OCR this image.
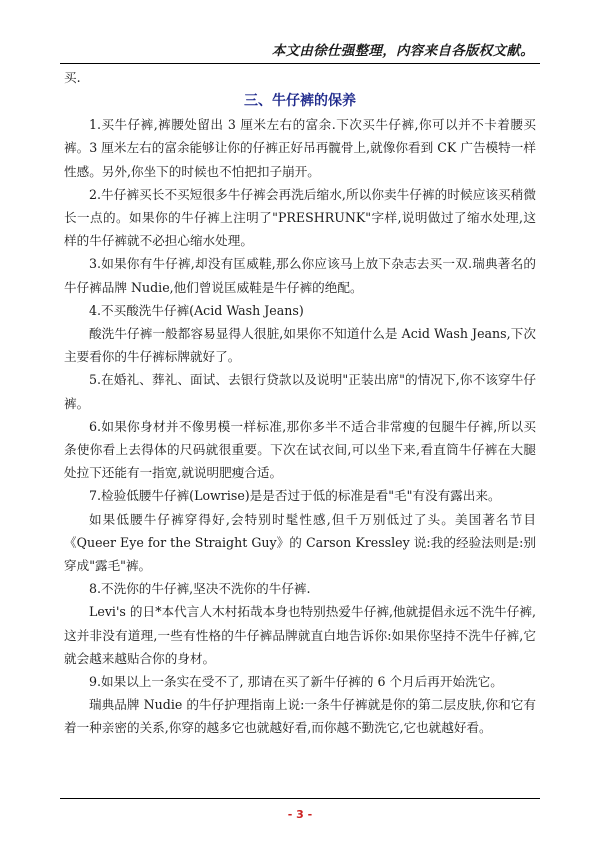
本文由徐仕强整理，内容来自各版权文献。

买.

三、牛仔裤的保养

1.买牛仔裤,裤腰处留出 3 厘米左右的富余.下次买牛仔裤,你可以并不卡着腰买裤。3 厘米左右的富余能够让你的仔裤正好吊再髋骨上,就像你看到 CK 广告模特一样性感。另外,你坐下的时候也不怕把扣子崩开。

2.牛仔裤买长不买短很多牛仔裤会再洗后缩水,所以你卖牛仔裤的时候应该买稍微长一点的。如果你的牛仔裤上注明了"PRESHRUNK"字样,说明做过了缩水处理,这样的牛仔裤就不必担心缩水处理。

3.如果你有牛仔裤,却没有匡威鞋,那么你应该马上放下杂志去买一双.瑞典著名的牛仔裤品牌 Nudie,他们曾说匡威鞋是牛仔裤的绝配。

4.不买酸洗牛仔裤(Acid Wash Jeans)

酸洗牛仔裤一般都容易显得人很脏,如果你不知道什么是 Acid Wash Jeans,下次主要看你的牛仔裤标牌就好了。

5.在婚礼、葬礼、面试、去银行贷款以及说明"正装出席"的情况下,你不该穿牛仔裤。

6.如果你身材并不像男模一样标准,那你多半不适合非常瘦的包腿牛仔裤,所以买条使你看上去得体的尺码就很重要。下次在试衣间,可以坐下来,看直筒牛仔裤在大腿处拉下还能有一指宽,就说明肥瘦合适。

7.检验低腰牛仔裤(Lowrise)是是否过于低的标准是看"毛"有没有露出来。

如果低腰牛仔裤穿得好,会特别时髦性感,但千万别低过了头。美国著名节目《Queer Eye for the Straight Guy》的 Carson Kressley 说:我的经验法则是:别穿成"露毛"裤。

8.不洗你的牛仔裤,坚决不洗你的牛仔裤.

Levi's 的日*本代言人木村拓哉本身也特别热爱牛仔裤,他就提倡永远不洗牛仔裤,这并非没有道理,一些有性格的牛仔裤品牌就直白地告诉你:如果你坚持不洗牛仔裤,它就会越来越贴合你的身材。

9.如果以上一条实在受不了, 那请在买了新牛仔裤的 6 个月后再开始洗它。

瑞典品牌 Nudie 的牛仔护理指南上说:一条牛仔裤就是你的第二层皮肤,你和它有着一种亲密的关系,你穿的越多它也就越好看,而你越不勤洗它,它也就越好看。

- 3 -
